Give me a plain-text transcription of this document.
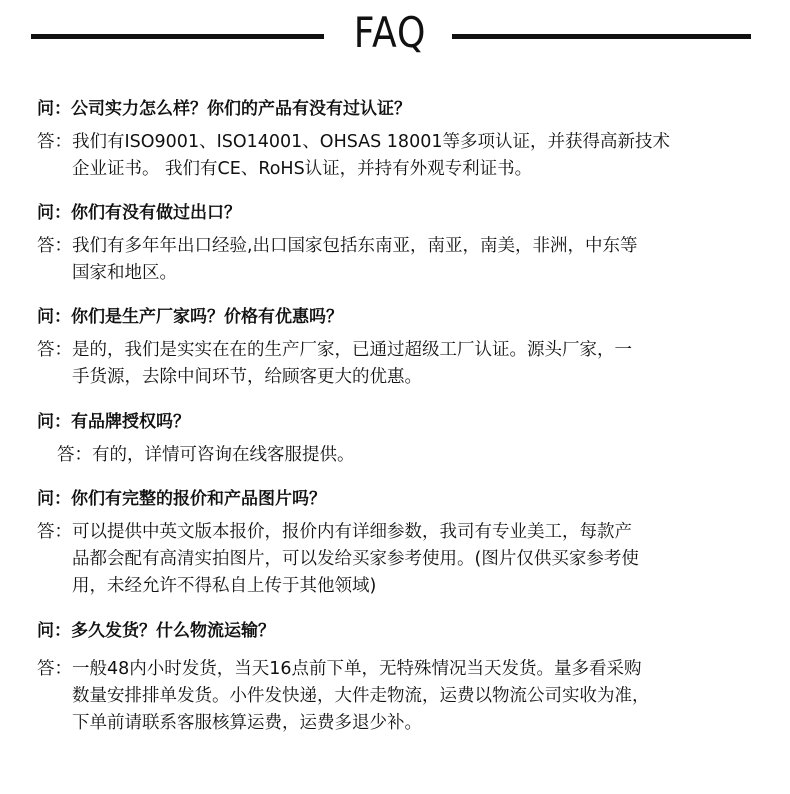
FAQ
问：公司实力怎么样？你们的产品有没有过认证？
答： 我们有ISO9001、ISO14001、OHSAS 18001等多项认证，并获得高新技术
企业证书。 我们有CE、RoHS认证，并持有外观专利证书。
问：你们有没有做过出口？
答： 我们有多年年出口经验,出口国家包括东南亚，南亚，南美，非洲，中东等
国家和地区。
问：你们是生产厂家吗？价格有优惠吗？
答： 是的，我们是实实在在的生产厂家，已通过超级工厂认证。源头厂家，一
手货源，去除中间环节，给顾客更大的优惠。
问：有品牌授权吗？
答： 有的，详情可咨询在线客服提供。
问：你们有完整的报价和产品图片吗？
答： 可以提供中英文版本报价，报价内有详细参数，我司有专业美工，每款产
品都会配有高清实拍图片，可以发给买家参考使用。(图片仅供买家参考使
用，未经允许不得私自上传于其他领域)
问：多久发货？什么物流运输？
答： 一般48内小时发货，当天16点前下单，无特殊情况当天发货。量多看采购
数量安排排单发货。小件发快递，大件走物流，运费以物流公司实收为准，
下单前请联系客服核算运费，运费多退少补。
